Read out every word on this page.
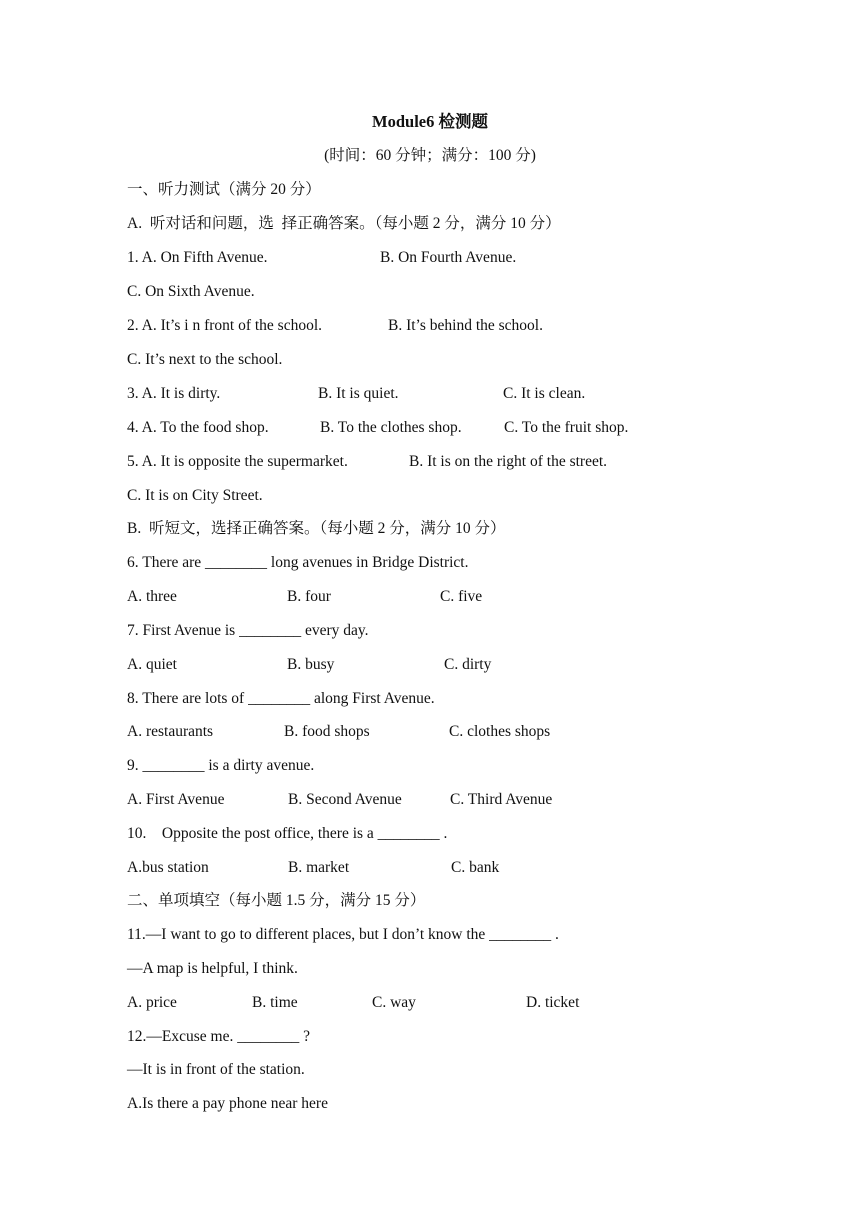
Module6 检测题
(时间：60 分钟；满分：100 分)
一、听力测试（满分 20 分）
A.  听对话和问题，选  择正确答案。（每小题 2 分，满分 10 分）
1. A. On Fifth Avenue.	B. On Fourth Avenue.
C. On Sixth Avenue.
2. A. It’s i n front of the school.	B. It’s behind the school.
C. It’s next to the school.
3. A. It is dirty.	B. It is quiet.	C. It is clean.
4. A. To the food shop.	B. To the clothes shop.	C. To the fruit shop.
5. A. It is opposite the supermarket.	B. It is on the right of the street.
C. It is on City Street.
B.  听短文，选择正确答案。（每小题 2 分，满分 10 分）
6. There are ________ long avenues in Bridge District.
A. three	B. four	C. five
7. First Avenue is ________ every day.
A. quiet	B. busy	C. dirty
8. There are lots of ________ along First Avenue.
A. restaurants	B. food shops	C. clothes shops
9. ________ is a dirty avenue.
A. First Avenue	B. Second Avenue	C. Third Avenue
10.    Opposite the post office, there is a ________ .
A.bus station	B. market	C. bank
二、单项填空（每小题 1.5 分，满分 15 分）
11.—I want to go to different places, but I don’t know the ________ .
—A map is helpful, I think.
A. price	B. time	C. way	D. ticket
12.—Excuse me. ________ ?
—It is in front of the station.
A.Is there a pay phone near here
